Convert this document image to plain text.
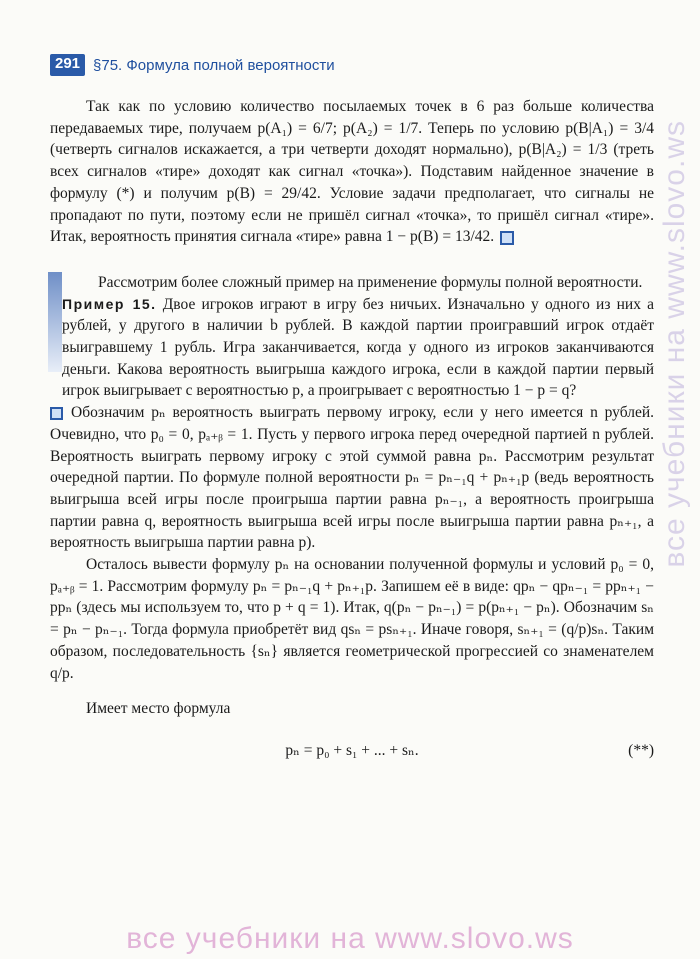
291 §75. Формула полной вероятности

Так как по условию количество посылаемых точек в 6 раз больше количества передаваемых тире, получаем p(A₁) = 6/7; p(A₂) = 1/7. Теперь по условию p(B|A₁) = 3/4 (четверть сигналов искажается, а три четверти доходят нормально), p(B|A₂) = 1/3 (треть всех сигналов «тире» доходят как сигнал «точка»). Подставим найденное значение в формулу (*) и получим p(B) = 29/42. Условие задачи предполагает, что сигналы не пропадают по пути, поэтому если не пришёл сигнал «точка», то пришёл сигнал «тире». Итак, вероятность принятия сигнала «тире» равна 1 − p(B) = 13/42.

Рассмотрим более сложный пример на применение формулы полной вероятности.

Пример 15. Двое игроков играют в игру без ничьих. Изначально у одного из них a рублей, у другого в наличии b рублей. В каждой партии проигравший игрок отдаёт выигравшему 1 рубль. Игра заканчивается, когда у одного из игроков заканчиваются деньги. Какова вероятность выигрыша каждого игрока, если в каждой партии первый игрок выигрывает с вероятностью p, а проигрывает с вероятностью 1 − p = q?

Обозначим pₙ вероятность выиграть первому игроку, если у него имеется n рублей. Очевидно, что p₀ = 0, pₐ₊ᵦ = 1. Пусть у первого игрока перед очередной партией n рублей. Вероятность выиграть первому игроку с этой суммой равна pₙ. Рассмотрим результат очередной партии. По формуле полной вероятности pₙ = pₙ₋₁q + pₙ₊₁p (ведь вероятность выигрыша всей игры после проигрыша партии равна pₙ₋₁, а вероятность проигрыша партии равна q, вероятность выигрыша всей игры после выигрыша партии равна pₙ₊₁, а вероятность выигрыша партии равна p).

Осталось вывести формулу pₙ на основании полученной формулы и условий p₀ = 0, pₐ₊ᵦ = 1. Рассмотрим формулу pₙ = pₙ₋₁q + pₙ₊₁p. Запишем её в виде: qpₙ − qpₙ₋₁ = ppₙ₊₁ − ppₙ (здесь мы используем то, что p + q = 1). Итак, q(pₙ − pₙ₋₁) = p(pₙ₊₁ − pₙ). Обозначим sₙ = pₙ − pₙ₋₁. Тогда формула приобретёт вид qsₙ = psₙ₊₁. Иначе говоря, sₙ₊₁ = (q/p)sₙ. Таким образом, последовательность {sₙ} является геометрической прогрессией со знаменателем q/p.

Имеет место формула

pₙ = p₀ + s₁ + ... + sₙ.	(**)
все учебники на www.slovo.ws
все учебники на www.slovo.ws
